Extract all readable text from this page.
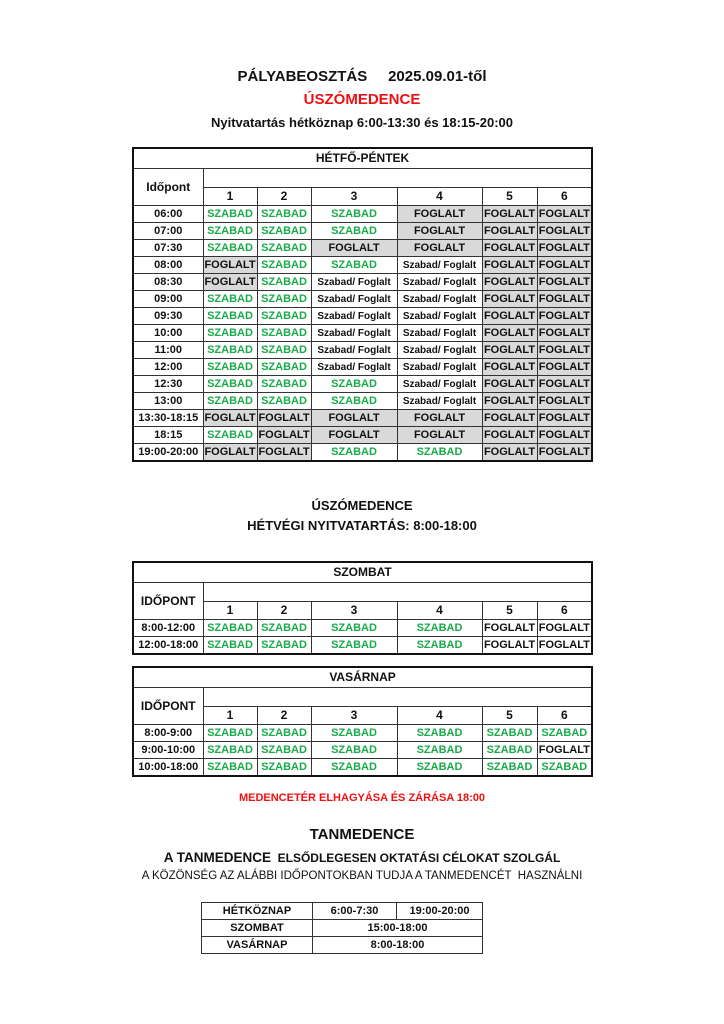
PÁLYABEOSZTÁS     2025.09.01-től
ÚSZÓMEDENCE
Nyitvatartás hétköznap 6:00-13:30 és 18:15-20:00
HÉTFŐ-PÉNTEK						
Időpont						
	1	2	3	4	5	6
06:00	SZABAD	SZABAD	SZABAD	FOGLALT	FOGLALT	FOGLALT
07:00	SZABAD	SZABAD	SZABAD	FOGLALT	FOGLALT	FOGLALT
07:30	SZABAD	SZABAD	FOGLALT	FOGLALT	FOGLALT	FOGLALT
08:00	FOGLALT	SZABAD	SZABAD	Szabad/ Foglalt	FOGLALT	FOGLALT
08:30	FOGLALT	SZABAD	Szabad/ Foglalt	Szabad/ Foglalt	FOGLALT	FOGLALT
09:00	SZABAD	SZABAD	Szabad/ Foglalt	Szabad/ Foglalt	FOGLALT	FOGLALT
09:30	SZABAD	SZABAD	Szabad/ Foglalt	Szabad/ Foglalt	FOGLALT	FOGLALT
10:00	SZABAD	SZABAD	Szabad/ Foglalt	Szabad/ Foglalt	FOGLALT	FOGLALT
11:00	SZABAD	SZABAD	Szabad/ Foglalt	Szabad/ Foglalt	FOGLALT	FOGLALT
12:00	SZABAD	SZABAD	Szabad/ Foglalt	Szabad/ Foglalt	FOGLALT	FOGLALT
12:30	SZABAD	SZABAD	SZABAD	Szabad/ Foglalt	FOGLALT	FOGLALT
13:00	SZABAD	SZABAD	SZABAD	Szabad/ Foglalt	FOGLALT	FOGLALT
13:30-18:15	FOGLALT	FOGLALT	FOGLALT	FOGLALT	FOGLALT	FOGLALT
18:15	SZABAD	FOGLALT	FOGLALT	FOGLALT	FOGLALT	FOGLALT
19:00-20:00	FOGLALT	FOGLALT	SZABAD	SZABAD	FOGLALT	FOGLALT
ÚSZÓMEDENCE
HÉTVÉGI NYITVATARTÁS: 8:00-18:00
SZOMBAT						
IDŐPONT						
	1	2	3	4	5	6
8:00-12:00	SZABAD	SZABAD	SZABAD	SZABAD	FOGLALT	FOGLALT
12:00-18:00	SZABAD	SZABAD	SZABAD	SZABAD	FOGLALT	FOGLALT
VASÁRNAP						
IDŐPONT						
	1	2	3	4	5	6
8:00-9:00	SZABAD	SZABAD	SZABAD	SZABAD	SZABAD	SZABAD
9:00-10:00	SZABAD	SZABAD	SZABAD	SZABAD	SZABAD	FOGLALT
10:00-18:00	SZABAD	SZABAD	SZABAD	SZABAD	SZABAD	SZABAD
MEDENCETÉR ELHAGYÁSA ÉS ZÁRÁSA 18:00
TANMEDENCE
A TANMEDENCE  ELSŐDLEGESEN OKTATÁSI CÉLOKAT SZOLGÁL
A KÖZÖNSÉG AZ ALÁBBI IDŐPONTOKBAN TUDJA A TANMEDENCÉT  HASZNÁLNI
HÉTKÖZNAP	6:00-7:30	19:00-20:00
SZOMBAT	15:00-18:00	
VASÁRNAP	8:00-18:00	
